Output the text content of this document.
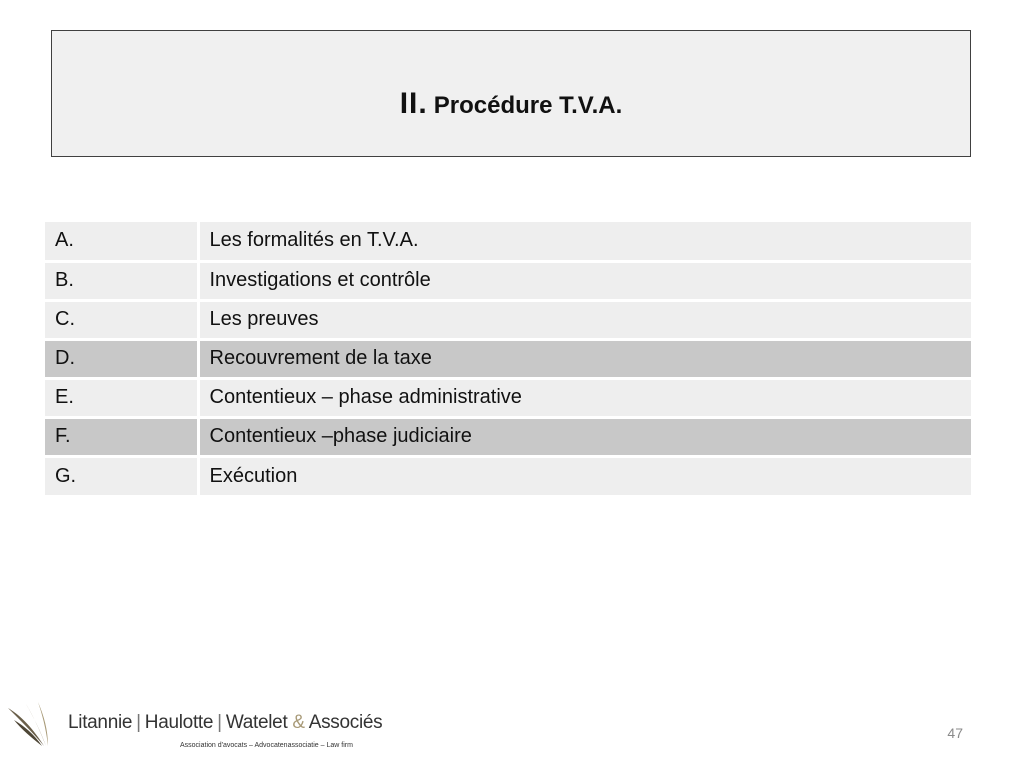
II. Procédure T.V.A.
A.	Les formalités en T.V.A.
B.	Investigations et contrôle
C.	Les preuves
D.	Recouvrement de la taxe
E.	Contentieux – phase administrative
F.	Contentieux –phase judiciaire
G.	Exécution
Litannie | Haulotte | Watelet & Associés
Association d'avocats – Advocatenassociatie – Law firm
47
